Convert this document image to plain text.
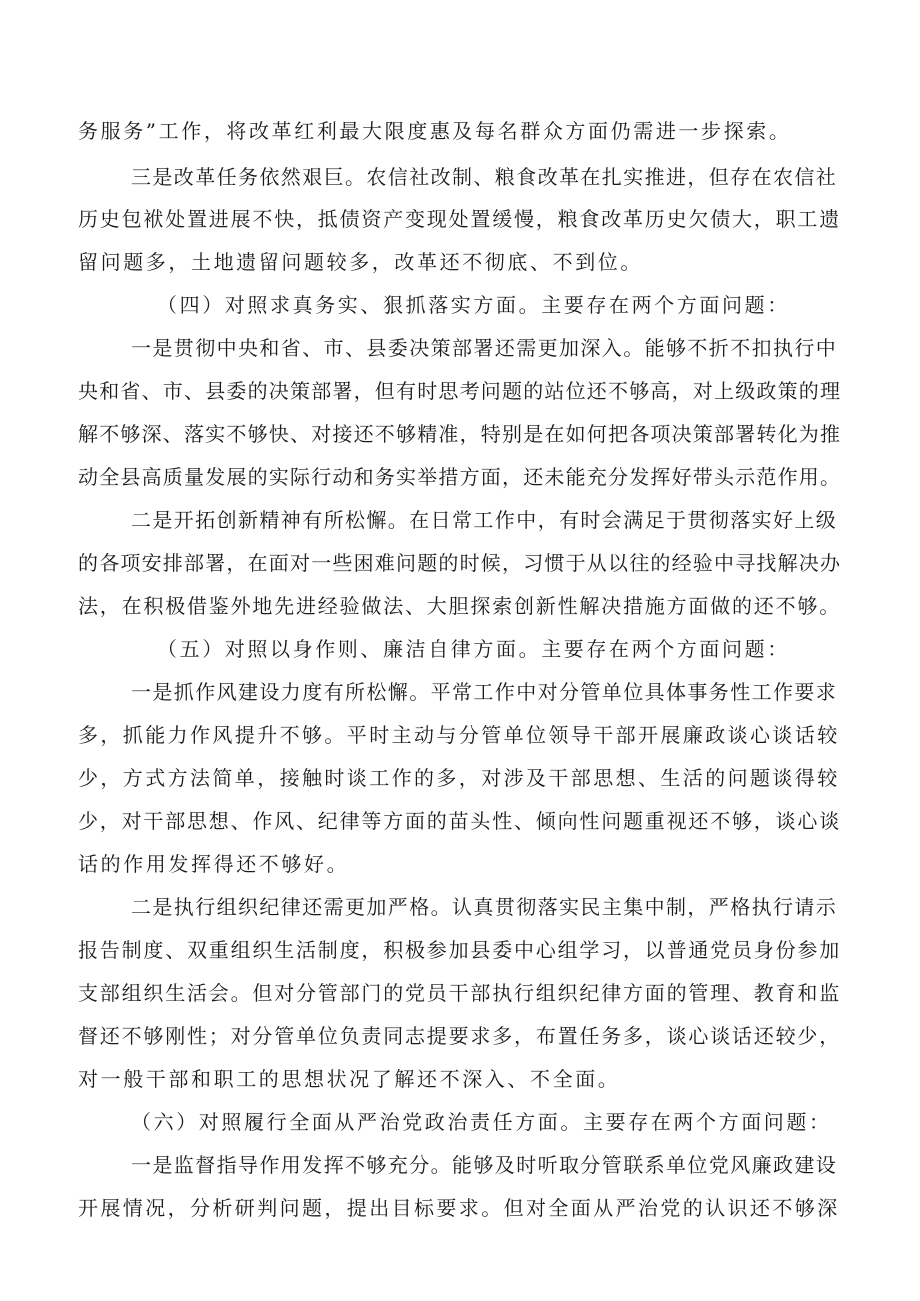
务服务”工作，将改革红利最大限度惠及每名群众方面仍需进一步探索。
三是改革任务依然艰巨。农信社改制、粮食改革在扎实推进，但存在农信社
历史包袱处置进展不快，抵债资产变现处置缓慢，粮食改革历史欠债大，职工遗
留问题多，土地遗留问题较多，改革还不彻底、不到位。
（四）对照求真务实、狠抓落实方面。主要存在两个方面问题：
一是贯彻中央和省、市、县委决策部署还需更加深入。能够不折不扣执行中
央和省、市、县委的决策部署，但有时思考问题的站位还不够高，对上级政策的理
解不够深、落实不够快、对接还不够精准，特别是在如何把各项决策部署转化为推
动全县高质量发展的实际行动和务实举措方面，还未能充分发挥好带头示范作用。
二是开拓创新精神有所松懈。在日常工作中，有时会满足于贯彻落实好上级
的各项安排部署，在面对一些困难问题的时候，习惯于从以往的经验中寻找解决办
法，在积极借鉴外地先进经验做法、大胆探索创新性解决措施方面做的还不够。
（五）对照以身作则、廉洁自律方面。主要存在两个方面问题：
一是抓作风建设力度有所松懈。平常工作中对分管单位具体事务性工作要求
多，抓能力作风提升不够。平时主动与分管单位领导干部开展廉政谈心谈话较
少，方式方法简单，接触时谈工作的多，对涉及干部思想、生活的问题谈得较
少，对干部思想、作风、纪律等方面的苗头性、倾向性问题重视还不够，谈心谈
话的作用发挥得还不够好。
二是执行组织纪律还需更加严格。认真贯彻落实民主集中制，严格执行请示
报告制度、双重组织生活制度，积极参加县委中心组学习，以普通党员身份参加
支部组织生活会。但对分管部门的党员干部执行组织纪律方面的管理、教育和监
督还不够刚性；对分管单位负责同志提要求多，布置任务多，谈心谈话还较少，
对一般干部和职工的思想状况了解还不深入、不全面。
（六）对照履行全面从严治党政治责任方面。主要存在两个方面问题：
一是监督指导作用发挥不够充分。能够及时听取分管联系单位党风廉政建设
开展情况，分析研判问题，提出目标要求。但对全面从严治党的认识还不够深
